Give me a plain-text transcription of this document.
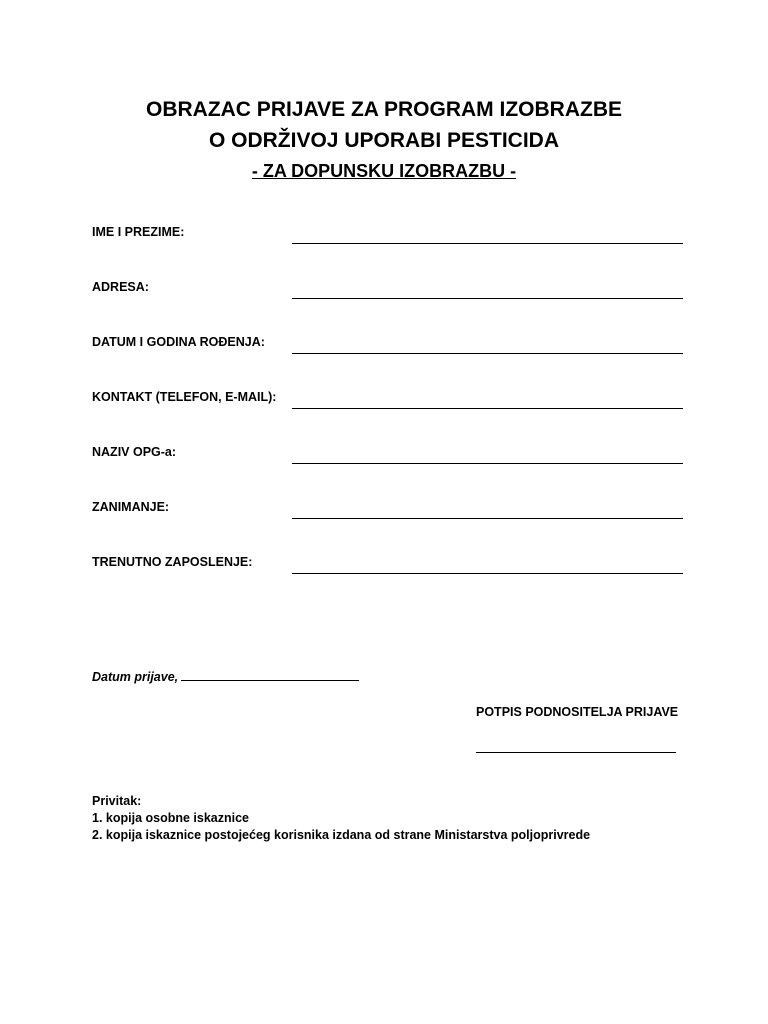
OBRAZAC PRIJAVE ZA PROGRAM IZOBRAZBE
O ODRŽIVOJ UPORABI PESTICIDA
- ZA DOPUNSKU IZOBRAZBU -
IME I PREZIME:
ADRESA:
DATUM I GODINA ROĐENJA:
KONTAKT (TELEFON, E-MAIL):
NAZIV OPG-a:
ZANIMANJE:
TRENUTNO ZAPOSLENJE:
Datum prijave,
POTPIS PODNOSITELJA PRIJAVE
Privitak:
1. kopija osobne iskaznice
2. kopija iskaznice postojećeg korisnika izdana od strane Ministarstva poljoprivrede
